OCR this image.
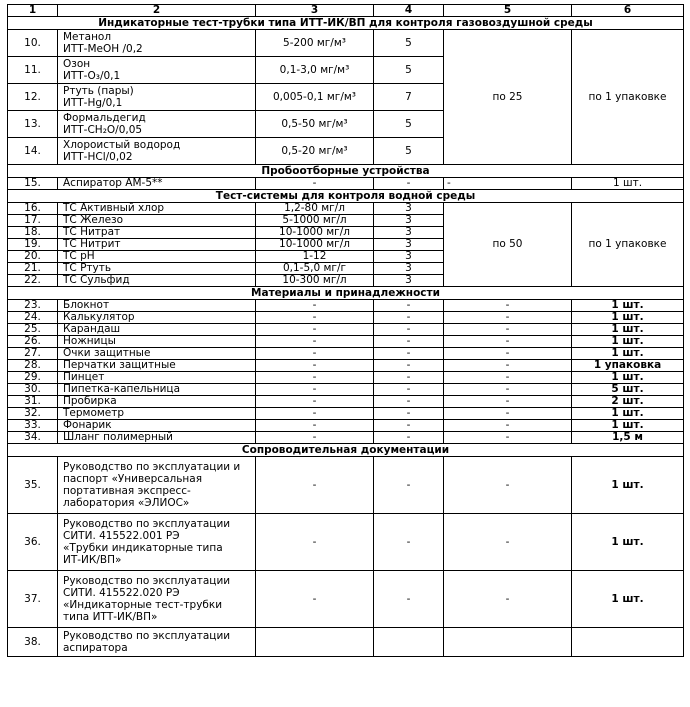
1	2	3	4	5	6
Индикаторные тест-трубки типа ИТТ-ИК/ВП для контроля газовоздушной среды					
10.	Метанол
ИТТ-МеОН /0,2	5-200 мг/м³	5	по 25	по 1 упаковке
11.	Озон
ИТТ-О₃/0,1	0,1-3,0 мг/м³	5		
12.	Ртуть (пары)
ИТТ-Hg/0,1	0,005-0,1 мг/м³	7		
13.	Формальдегид
ИТТ-СН₂О/0,05	0,5-50 мг/м³	5		
14.	Хлороистый водород
ИТТ-HCl/0,02	0,5-20 мг/м³	5		
Пробоотборные устройства					
15.	Аспиратор АМ-5**	-	-	-	1 шт.
Тест-системы для контроля водной среды					
16.	ТС Активный хлор	1,2-80 мг/л	3	по 50	по 1 упаковке
17.	ТС Железо	5-1000 мг/л	3		
18.	ТС Нитрат	10-1000 мг/л	3		
19.	ТС Нитрит	10-1000 мг/л	3		
20.	ТС рН	1-12	3		
21.	ТС Ртуть	0,1-5,0 мг/г	3		
22.	ТС Сульфид	10-300 мг/л	3		
Материалы и принадлежности					
23.	Блокнот	-	-	-	1 шт.
24.	Калькулятор	-	-	-	1 шт.
25.	Карандаш	-	-	-	1 шт.
26.	Ножницы	-	-	-	1 шт.
27.	Очки защитные	-	-	-	1 шт.
28.	Перчатки защитные	-	-	-	1 упаковка
29.	Пинцет	-	-	-	1 шт.
30.	Пипетка-капельница	-	-	-	5 шт.
31.	Пробирка	-	-	-	2 шт.
32.	Термометр	-	-	-	1 шт.
33.	Фонарик	-	-	-	1 шт.
34.	Шланг полимерный	-	-	-	1,5 м
Сопроводительная документации					
35.	Руководство по эксплуатации и
паспорт «Универсальная
портативная экспресс-
лаборатория «ЭЛИОС»	-	-	-	1 шт.
36.	Руководство по эксплуатации
СИТИ. 415522.001 РЭ
«Трубки индикаторные типа
ИТ-ИК/ВП»	-	-	-	1 шт.
37.	Руководство по эксплуатации
СИТИ. 415522.020 РЭ
«Индикаторные тест-трубки
типа ИТТ-ИК/ВП»	-	-	-	1 шт.
38.	Руководство по эксплуатации
аспиратора				
